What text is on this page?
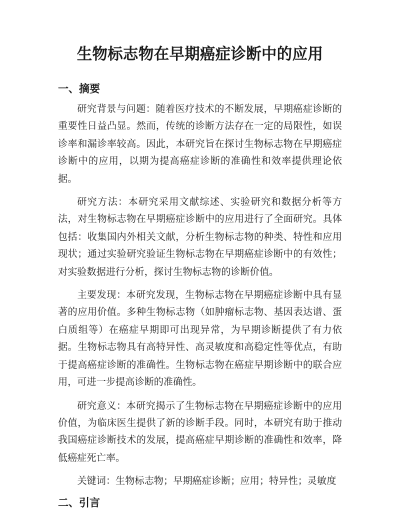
生物标志物在早期癌症诊断中的应用
一、摘要

研究背景与问题：随着医疗技术的不断发展，早期癌症诊断的重要性日益凸显。然而，传统的诊断方法存在一定的局限性，如误诊率和漏诊率较高。因此，本研究旨在探讨生物标志物在早期癌症诊断中的应用，以期为提高癌症诊断的准确性和效率提供理论依据。

研究方法：本研究采用文献综述、实验研究和数据分析等方法，对生物标志物在早期癌症诊断中的应用进行了全面研究。具体包括：收集国内外相关文献，分析生物标志物的种类、特性和应用现状；通过实验研究验证生物标志物在早期癌症诊断中的有效性；对实验数据进行分析，探讨生物标志物的诊断价值。

主要发现：本研究发现，生物标志物在早期癌症诊断中具有显著的应用价值。多种生物标志物（如肿瘤标志物、基因表达谱、蛋白质组等）在癌症早期即可出现异常，为早期诊断提供了有力依据。生物标志物具有高特异性、高灵敏度和高稳定性等优点，有助于提高癌症诊断的准确性。生物标志物在癌症早期诊断中的联合应用，可进一步提高诊断的准确性。

研究意义：本研究揭示了生物标志物在早期癌症诊断中的应用价值，为临床医生提供了新的诊断手段。同时，本研究有助于推动我国癌症诊断技术的发展，提高癌症早期诊断的准确性和效率，降低癌症死亡率。

关键词：生物标志物；早期癌症诊断；应用；特异性；灵敏度

二、引言
